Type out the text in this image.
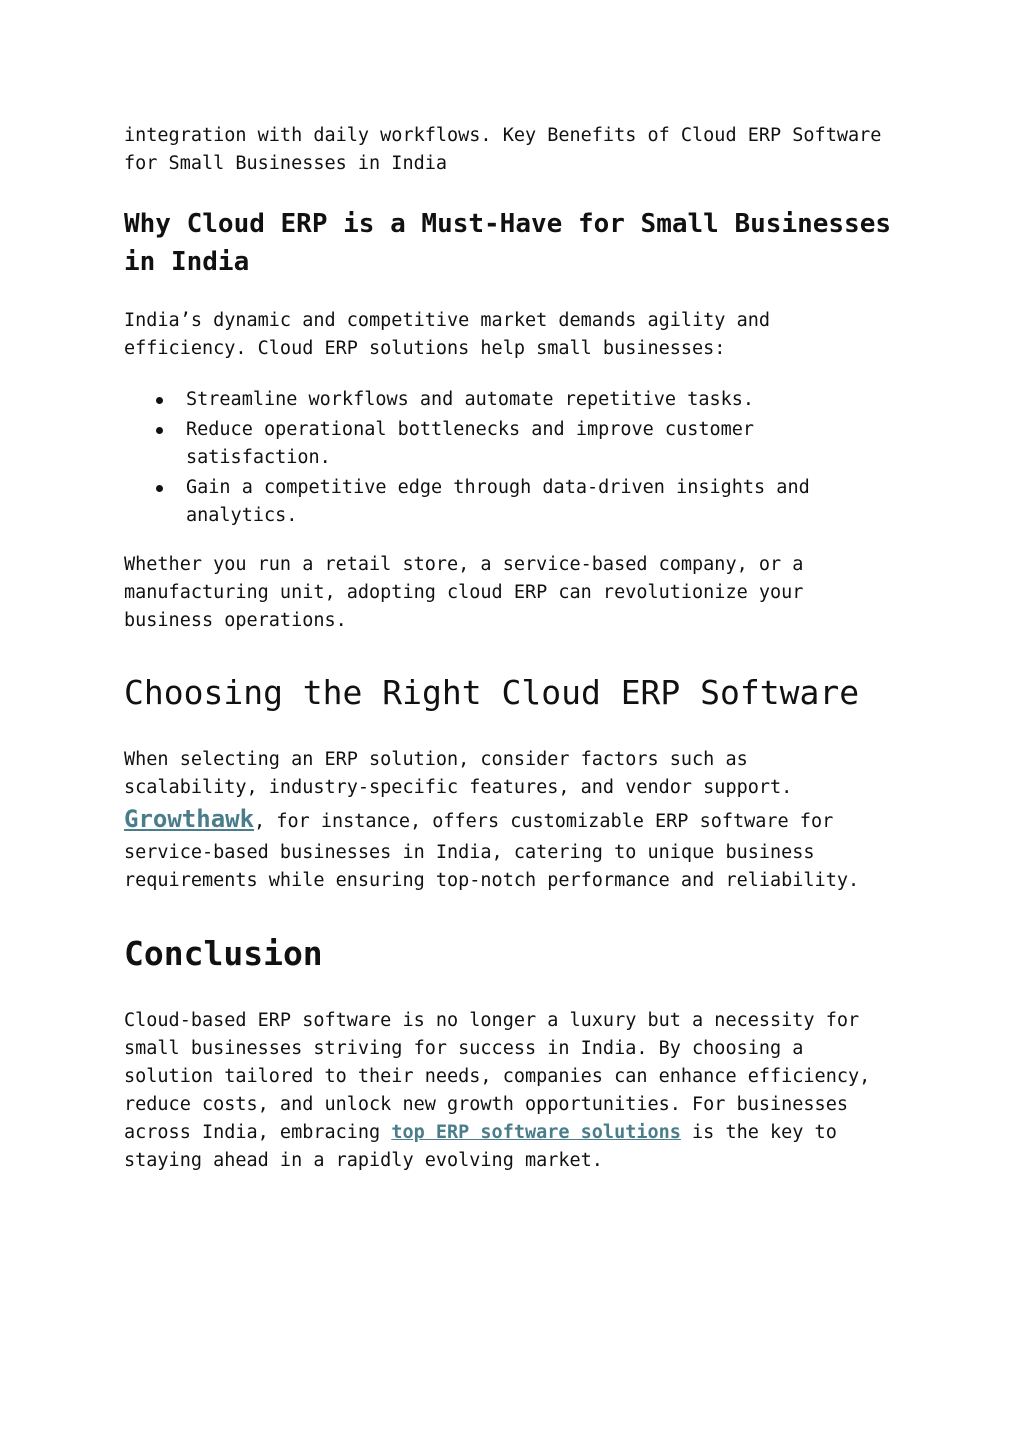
integration with daily workflows. Key Benefits of Cloud ERP Software
for Small Businesses in India

Why Cloud ERP is a Must-Have for Small Businesses
in India

India’s dynamic and competitive market demands agility and
efficiency. Cloud ERP solutions help small businesses:

Streamline workflows and automate repetitive tasks.
Reduce operational bottlenecks and improve customer
satisfaction.
Gain a competitive edge through data-driven insights and
analytics.

Whether you run a retail store, a service-based company, or a
manufacturing unit, adopting cloud ERP can revolutionize your
business operations.

Choosing the Right Cloud ERP Software

When selecting an ERP solution, consider factors such as
scalability, industry-specific features, and vendor support.
Growthawk, for instance, offers customizable ERP software for
service-based businesses in India, catering to unique business
requirements while ensuring top-notch performance and reliability.

Conclusion

Cloud-based ERP software is no longer a luxury but a necessity for
small businesses striving for success in India. By choosing a
solution tailored to their needs, companies can enhance efficiency,
reduce costs, and unlock new growth opportunities. For businesses
across India, embracing top ERP software solutions is the key to
staying ahead in a rapidly evolving market.
